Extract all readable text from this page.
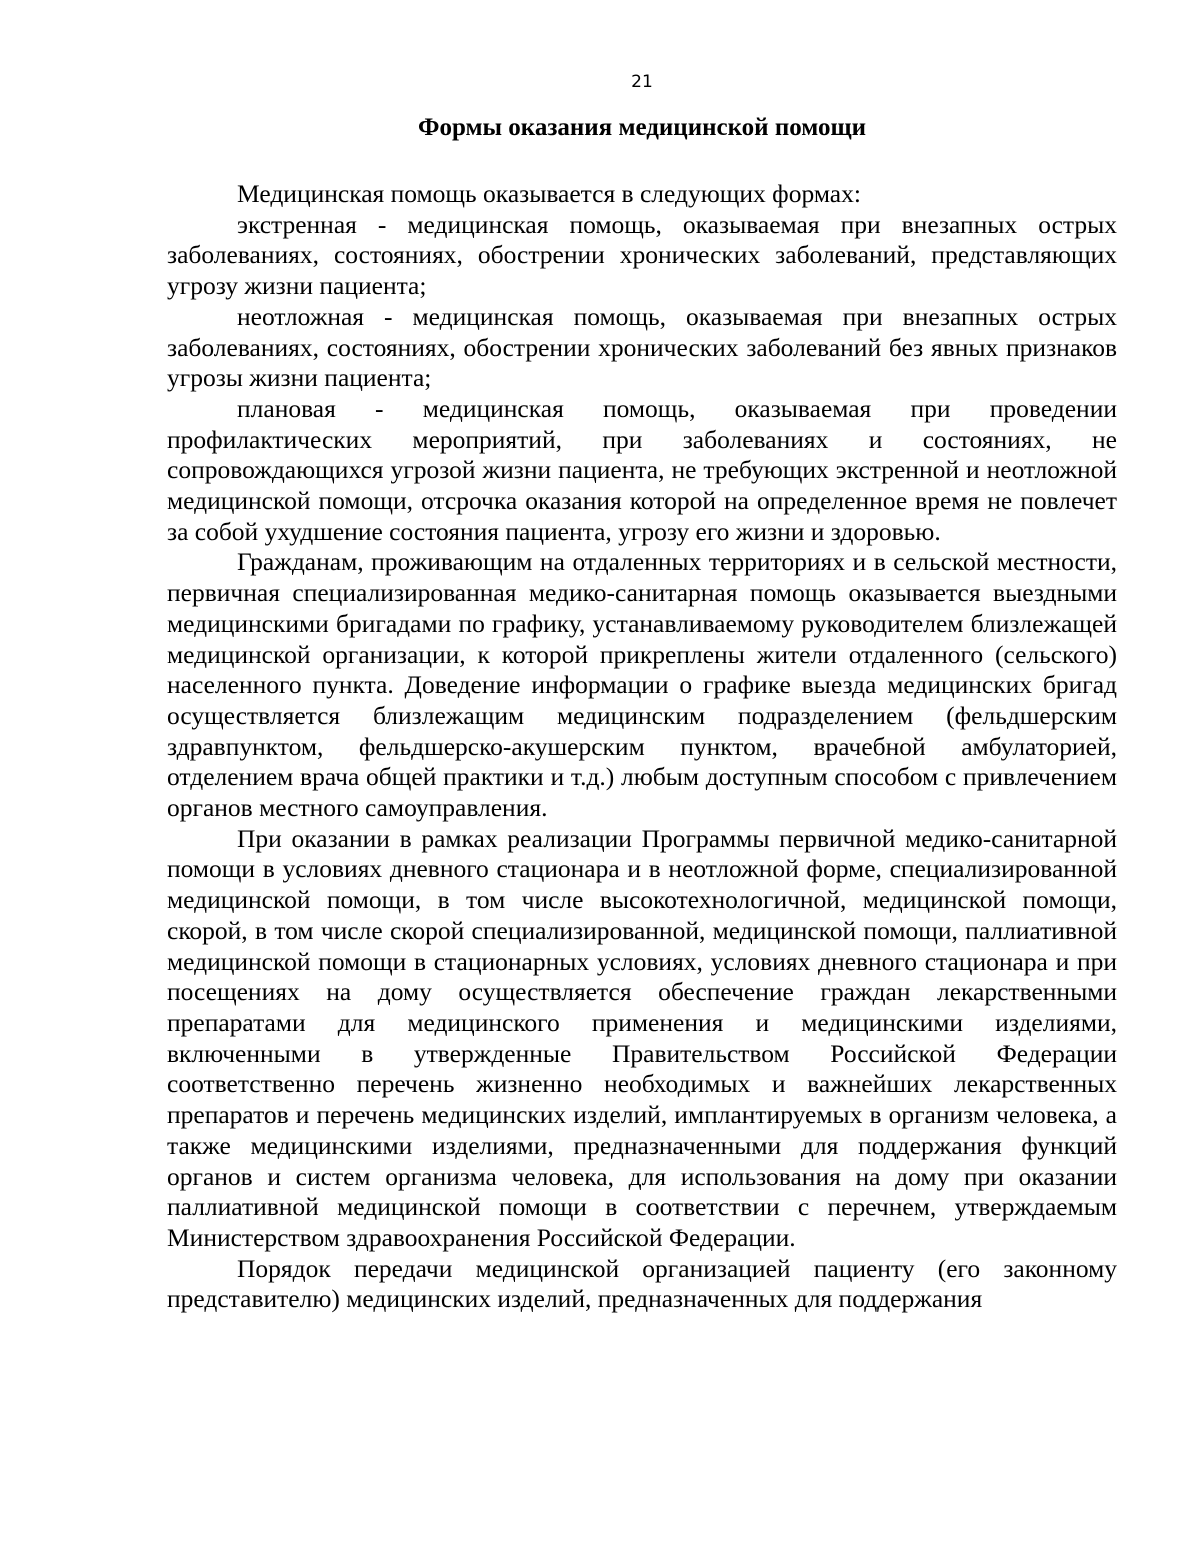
21
Формы оказания медицинской помощи

Медицинская помощь оказывается в следующих формах:

экстренная - медицинская помощь, оказываемая при внезапных острых заболеваниях, состояниях, обострении хронических заболеваний, представляющих угрозу жизни пациента;

неотложная - медицинская помощь, оказываемая при внезапных острых заболеваниях, состояниях, обострении хронических заболеваний без явных признаков угрозы жизни пациента;

плановая - медицинская помощь, оказываемая при проведении профилактических мероприятий, при заболеваниях и состояниях, не сопровождающихся угрозой жизни пациента, не требующих экстренной и неотложной медицинской помощи, отсрочка оказания которой на определенное время не повлечет за собой ухудшение состояния пациента, угрозу его жизни и здоровью.

Гражданам, проживающим на отдаленных территориях и в сельской местности, первичная специализированная медико-санитарная помощь оказывается выездными медицинскими бригадами по графику, устанавливаемому руководителем близлежащей медицинской организации, к которой прикреплены жители отдаленного (сельского) населенного пункта. Доведение информации о графике выезда медицинских бригад осуществляется близлежащим медицинским подразделением (фельдшерским здравпунктом, фельдшерско-акушерским пунктом, врачебной амбулаторией, отделением врача общей практики и т.д.) любым доступным способом с привлечением органов местного самоуправления.

При оказании в рамках реализации Программы первичной медико-санитарной помощи в условиях дневного стационара и в неотложной форме, специализированной медицинской помощи, в том числе высокотехнологичной, медицинской помощи, скорой, в том числе скорой специализированной, медицинской помощи, паллиативной медицинской помощи в стационарных условиях, условиях дневного стационара и при посещениях на дому осуществляется обеспечение граждан лекарственными препаратами для медицинского применения и медицинскими изделиями, включенными в утвержденные Правительством Российской Федерации соответственно перечень жизненно необходимых и важнейших лекарственных препаратов и перечень медицинских изделий, имплантируемых в организм человека, а также медицинскими изделиями, предназначенными для поддержания функций органов и систем организма человека, для использования на дому при оказании паллиативной медицинской помощи в соответствии с перечнем, утверждаемым Министерством здравоохранения Российской Федерации.

Порядок передачи медицинской организацией пациенту (его законному представителю) медицинских изделий, предназначенных для поддержания
